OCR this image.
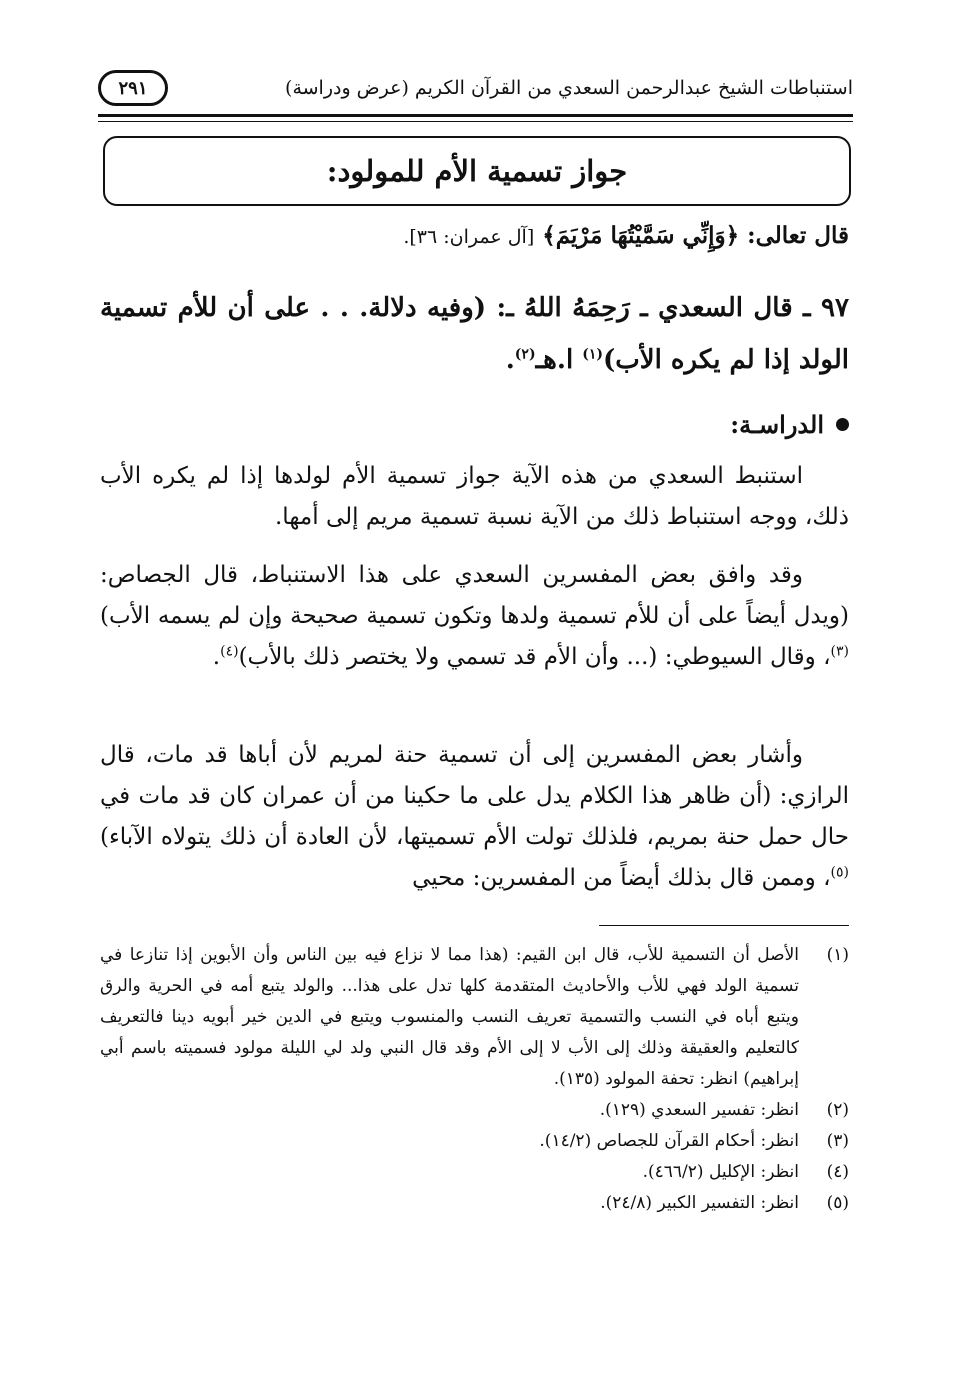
استنباطات الشيخ عبدالرحمن السعدي من القرآن الكريم (عرض ودراسة)
٢٩١
جواز تسمية الأم للمولود:
قال تعالى: ﴿وَإِنِّي سَمَّيْتُهَا مَرْيَمَ﴾ [آل عمران: ٣٦].
٩٧ ـ قال السعدي ـ رَحِمَهُ اللهُ ـ: (وفيه دلالة. . . على أن للأم تسمية الولد إذا لم يكره الأب)$^{(١)}$ ا.هـ$^{(٢)}$.
الدراسـة:
استنبط السعدي من هذه الآية جواز تسمية الأم لولدها إذا لم يكره الأب ذلك، ووجه استنباط ذلك من الآية نسبة تسمية مريم إلى أمها.
وقد وافق بعض المفسرين السعدي على هذا الاستنباط، قال الجصاص: (ويدل أيضاً على أن للأم تسمية ولدها وتكون تسمية صحيحة وإن لم يسمه الأب)$^{(٣)}$، وقال السيوطي: (... وأن الأم قد تسمي ولا يختصر ذلك بالأب)$^{(٤)}$.
وأشار بعض المفسرين إلى أن تسمية حنة لمريم لأن أباها قد مات، قال الرازي: (أن ظاهر هذا الكلام يدل على ما حكينا من أن عمران كان قد مات في حال حمل حنة بمريم، فلذلك تولت الأم تسميتها، لأن العادة أن ذلك يتولاه الآباء)$^{(٥)}$، وممن قال بذلك أيضاً من المفسرين: محيي
(١)
الأصل أن التسمية للأب، قال ابن القيم: (هذا مما لا نزاع فيه بين الناس وأن الأبوين إذا تنازعا في تسمية الولد فهي للأب والأحاديث المتقدمة كلها تدل على هذا... والولد يتبع أمه في الحرية والرق ويتبع أباه في النسب والتسمية تعريف النسب والمنسوب ويتبع في الدين خير أبويه دينا فالتعريف كالتعليم والعقيقة وذلك إلى الأب لا إلى الأم وقد قال النبي ولد لي الليلة مولود فسميته باسم أبي إبراهيم) انظر: تحفة المولود (١٣٥).
(٢)
انظر: تفسير السعدي (١٢٩).
(٣)
انظر: أحكام القرآن للجصاص (١٤/٢).
(٤)
انظر: الإكليل (٤٦٦/٢).
(٥)
انظر: التفسير الكبير (٢٤/٨).
